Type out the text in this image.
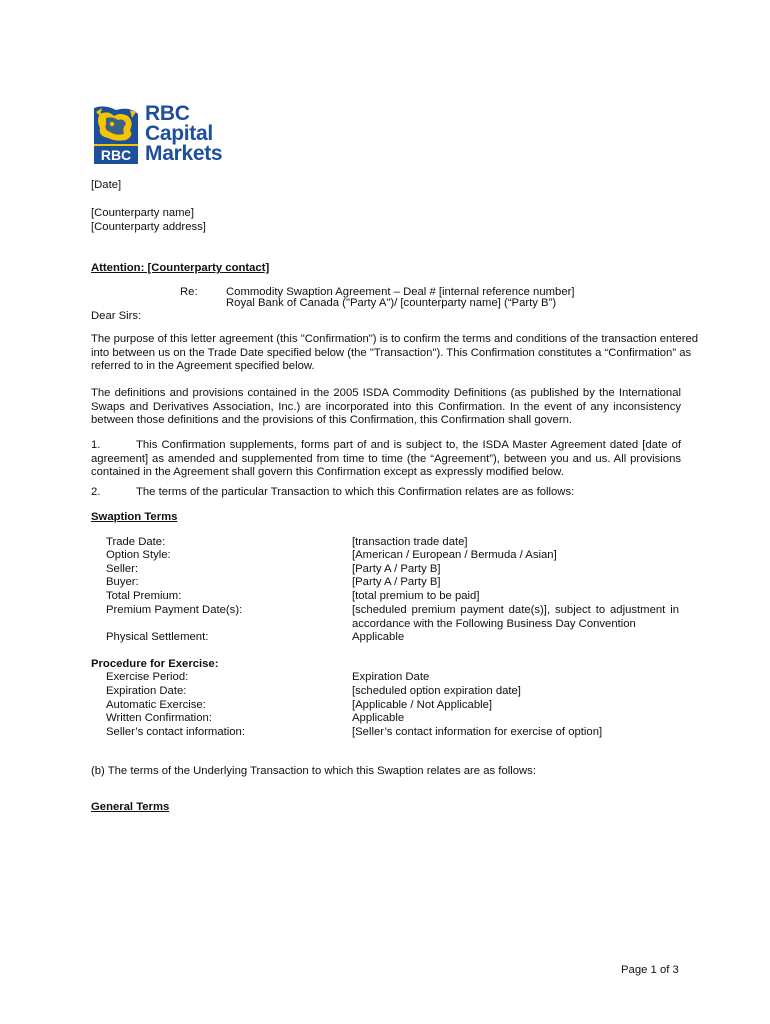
RBC
RBC
Capital
Markets
[Date]
[Counterparty name]
[Counterparty address]
Attention: [Counterparty contact]
Re:	Commodity Swaption Agreement – Deal # [internal reference number]
Royal Bank of Canada ("Party A")/ [counterparty name] (“Party B”)
Dear Sirs:
The purpose of this letter agreement (this "Confirmation") is to confirm the terms and conditions of the transaction entered
into between us on the Trade Date specified below (the "Transaction"). This Confirmation constitutes a “Confirmation” as
referred to in the Agreement specified below.
The definitions and provisions contained in the 2005 ISDA Commodity Definitions (as published by the International
Swaps and Derivatives Association, Inc.) are incorporated into this Confirmation. In the event of any inconsistency
between those definitions and the provisions of this Confirmation, this Confirmation shall govern.
1.	This Confirmation supplements, forms part of and is subject to, the ISDA Master Agreement dated [date of
agreement] as amended and supplemented from time to time (the “Agreement”), between you and us. All provisions
contained in the Agreement shall govern this Confirmation except as expressly modified below.
2.	The terms of the particular Transaction to which this Confirmation relates are as follows:
Swaption Terms
Trade Date:	[transaction trade date]
Option Style:	[American / European / Bermuda / Asian]
Seller:	[Party A / Party B]
Buyer:	[Party A / Party B]
Total Premium:	[total premium to be paid]
Premium Payment Date(s):	[scheduled premium payment date(s)], subject to adjustment in
accordance with the Following Business Day Convention
Physical Settlement:	Applicable
Procedure for Exercise:
Exercise Period:	Expiration Date
Expiration Date:	[scheduled option expiration date]
Automatic Exercise:	[Applicable / Not Applicable]
Written Confirmation:	Applicable
Seller’s contact information:	[Seller’s contact information for exercise of option]
(b) The terms of the Underlying Transaction to which this Swaption relates are as follows:
General Terms
Page 1 of 3
